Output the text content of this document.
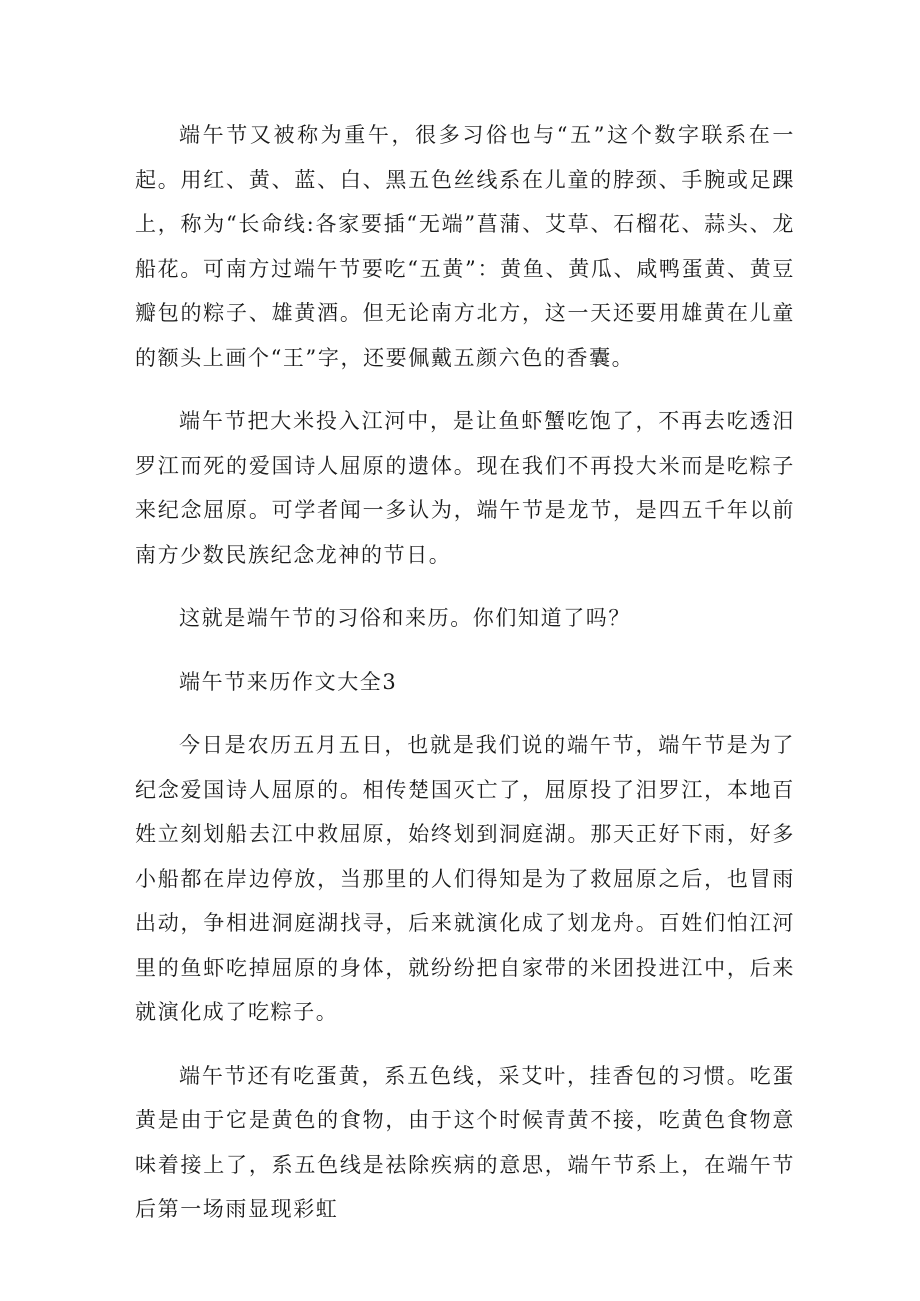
端午节又被称为重午，很多习俗也与“五”这个数字联系在一起。用红、黄、蓝、白、黑五色丝线系在儿童的脖颈、手腕或足踝上，称为“长命线:各家要插“无端”菖蒲、艾草、石榴花、蒜头、龙船花。可南方过端午节要吃“五黄”：黄鱼、黄瓜、咸鸭蛋黄、黄豆瓣包的粽子、雄黄酒。但无论南方北方，这一天还要用雄黄在儿童的额头上画个“王”字，还要佩戴五颜六色的香囊。

端午节把大米投入江河中，是让鱼虾蟹吃饱了，不再去吃透汨罗江而死的爱国诗人屈原的遗体。现在我们不再投大米而是吃粽子来纪念屈原。可学者闻一多认为，端午节是龙节，是四五千年以前南方少数民族纪念龙神的节日。

这就是端午节的习俗和来历。你们知道了吗？

端午节来历作文大全3

今日是农历五月五日，也就是我们说的端午节，端午节是为了纪念爱国诗人屈原的。相传楚国灭亡了，屈原投了汨罗江，本地百姓立刻划船去江中救屈原，始终划到洞庭湖。那天正好下雨，好多小船都在岸边停放，当那里的人们得知是为了救屈原之后，也冒雨出动，争相进洞庭湖找寻，后来就演化成了划龙舟。百姓们怕江河里的鱼虾吃掉屈原的身体，就纷纷把自家带的米团投进江中，后来就演化成了吃粽子。

端午节还有吃蛋黄，系五色线，采艾叶，挂香包的习惯。吃蛋黄是由于它是黄色的食物，由于这个时候青黄不接，吃黄色食物意味着接上了，系五色线是祛除疾病的意思，端午节系上，在端午节后第一场雨显现彩虹
